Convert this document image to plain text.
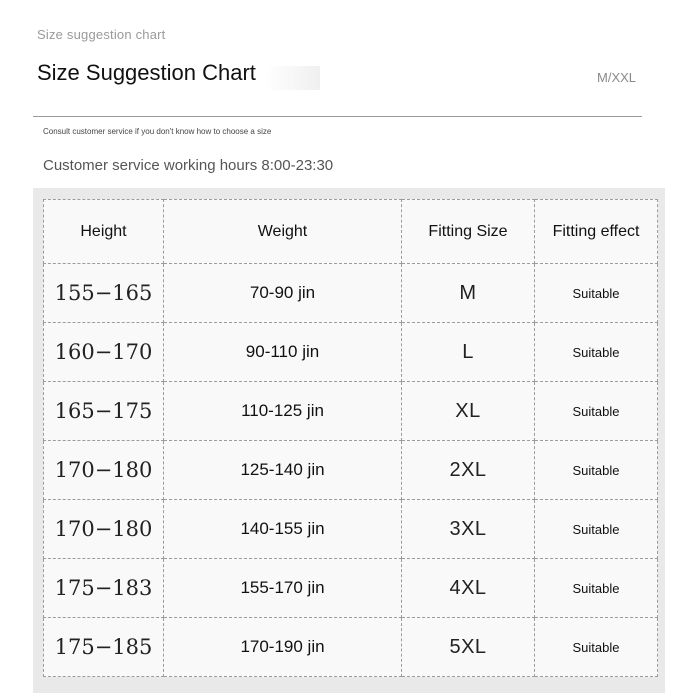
Size suggestion chart
Size Suggestion Chart	M/XXL
Consult customer service if you don't know how to choose a size
Customer service working hours 8:00-23:30
Height	Weight	Fitting Size	Fitting effect
155−165	70-90 jin	M	Suitable
160−170	90-110 jin	L	Suitable
165−175	110-125 jin	XL	Suitable
170−180	125-140 jin	2XL	Suitable
170−180	140-155 jin	3XL	Suitable
175−183	155-170 jin	4XL	Suitable
175−185	170-190 jin	5XL	Suitable
